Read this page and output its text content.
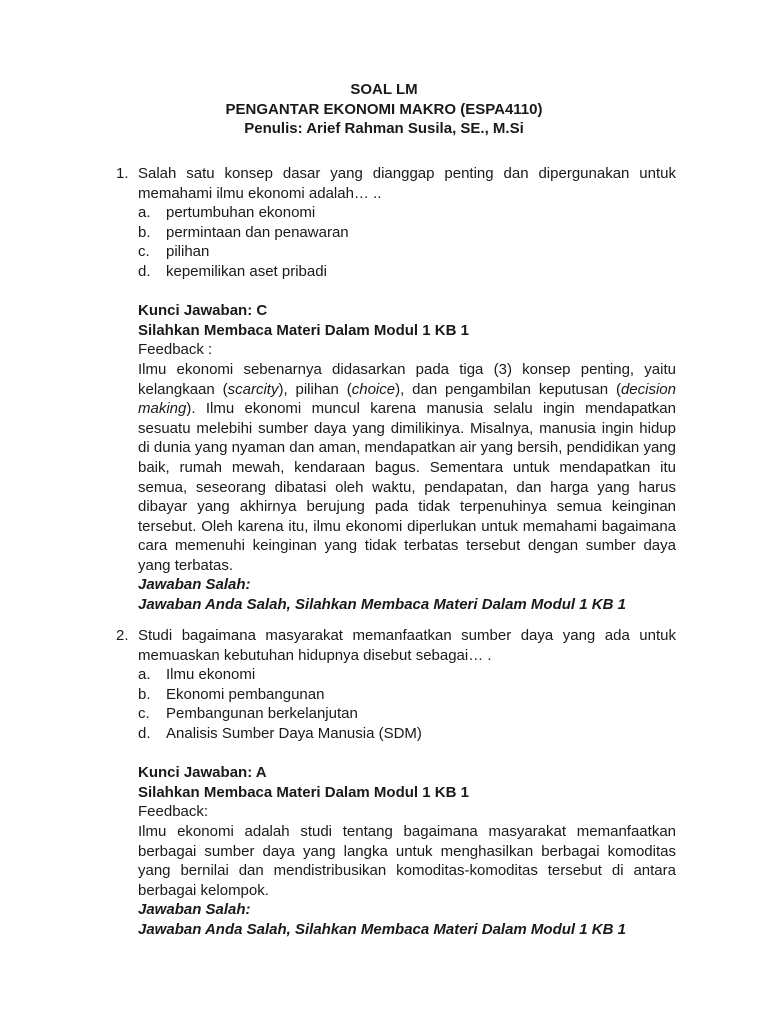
SOAL LM
PENGANTAR EKONOMI MAKRO (ESPA4110)
Penulis: Arief Rahman Susila, SE., M.Si
1. Salah satu konsep dasar yang dianggap penting dan dipergunakan untuk memahami ilmu ekonomi adalah… ..
a.	pertumbuhan ekonomi
b.	permintaan dan penawaran
c.	pilihan
d.	kepemilikan aset pribadi
Kunci Jawaban: C
Silahkan Membaca Materi Dalam Modul 1 KB 1
Feedback :
Ilmu ekonomi sebenarnya didasarkan pada tiga (3) konsep penting, yaitu kelangkaan (scarcity), pilihan (choice), dan pengambilan keputusan (decision making). Ilmu ekonomi muncul karena manusia selalu ingin mendapatkan sesuatu melebihi sumber daya yang dimilikinya. Misalnya, manusia ingin hidup di dunia yang nyaman dan aman, mendapatkan air yang bersih, pendidikan yang baik, rumah mewah, kendaraan bagus. Sementara untuk mendapatkan itu semua, seseorang dibatasi oleh waktu, pendapatan, dan harga yang harus dibayar yang akhirnya berujung pada tidak terpenuhinya semua keinginan tersebut. Oleh karena itu, ilmu ekonomi diperlukan untuk memahami bagaimana cara memenuhi keinginan yang tidak terbatas tersebut dengan sumber daya yang terbatas.
Jawaban Salah:
Jawaban Anda Salah, Silahkan Membaca Materi Dalam Modul 1 KB 1
2. Studi bagaimana masyarakat memanfaatkan sumber daya yang ada untuk memuaskan kebutuhan hidupnya disebut sebagai… .
a.	Ilmu ekonomi
b.	Ekonomi pembangunan
c.	Pembangunan berkelanjutan
d.	Analisis Sumber Daya Manusia (SDM)
Kunci Jawaban: A
Silahkan Membaca Materi Dalam Modul 1 KB 1
Feedback:
Ilmu ekonomi adalah studi tentang bagaimana masyarakat memanfaatkan berbagai sumber daya yang langka untuk menghasilkan berbagai komoditas yang bernilai dan mendistribusikan komoditas-komoditas tersebut di antara berbagai kelompok.
Jawaban Salah:
Jawaban Anda Salah, Silahkan Membaca Materi Dalam Modul 1 KB 1
